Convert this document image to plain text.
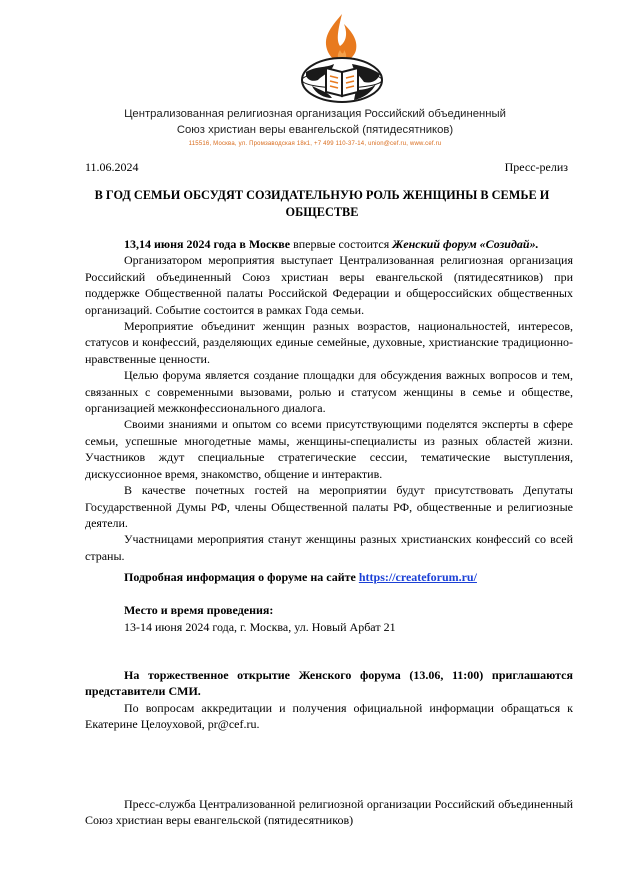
Централизованная религиозная организация Российский объединенный
Союз христиан веры евангельской (пятидесятников)
115516, Москва, ул. Промзаводская 18к1, +7 499 110-37-14, union@cef.ru, www.cef.ru
11.06.2024	Пресс-релиз
В ГОД СЕМЬИ ОБСУДЯТ СОЗИДАТЕЛЬНУЮ РОЛЬ ЖЕНЩИНЫ В СЕМЬЕ И ОБЩЕСТВЕ

13,14 июня 2024 года в Москве впервые состоится Женский форум «Созидай».

Организатором мероприятия выступает Централизованная религиозная организация Российский объединенный Союз христиан веры евангельской (пятидесятников) при поддержке Общественной палаты Российской Федерации и общероссийских общественных организаций. Событие состоится в рамках Года семьи.

Мероприятие объединит женщин разных возрастов, национальностей, интересов, статусов и конфессий, разделяющих единые семейные, духовные, христианские традиционно-нравственные ценности.

Целью форума является создание площадки для обсуждения важных вопросов и тем, связанных с современными вызовами, ролью и статусом женщины в семье и обществе, организацией межконфессионального диалога.

Своими знаниями и опытом со всеми присутствующими поделятся эксперты в сфере семьи, успешные многодетные мамы, женщины-специалисты из разных областей жизни. Участников ждут специальные стратегические сессии, тематические выступления, дискуссионное время, знакомство, общение и интерактив.

В качестве почетных гостей на мероприятии будут присутствовать Депутаты Государственной Думы РФ, члены Общественной палаты РФ, общественные и религиозные деятели.

Участницами мероприятия станут женщины разных христианских конфессий со всей страны.

Подробная информация о форуме на сайте https://createforum.ru/
Место и время проведения:
13-14 июня 2024 года, г. Москва, ул. Новый Арбат 21

На торжественное открытие Женского форума (13.06, 11:00) приглашаются представители СМИ.

По вопросам аккредитации и получения официальной информации обращаться к Екатерине Целоуховой, pr@cef.ru.

Пресс-служба Централизованной религиозной организации Российский объединенный Союз христиан веры евангельской (пятидесятников)
